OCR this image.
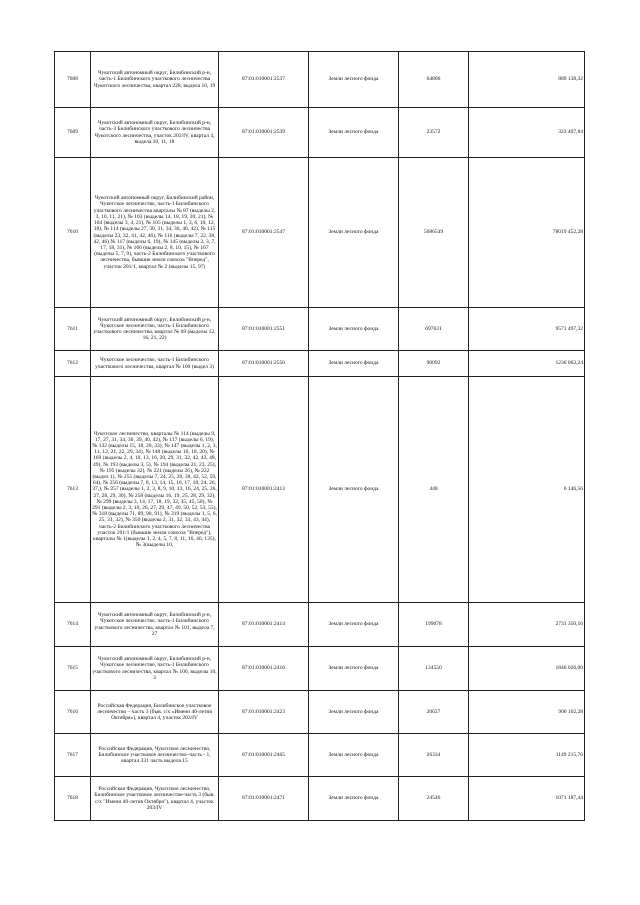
7608	Чукотский автономный округ, Билибинский р-н, часть-1 Билибинского участкового лесничества Чукотского лесничества, квартал 228, выдела 10, 19	87:01:010001:2537	Земли лесного фонда	64806	889 138,32
7609	Чукотский автономный округ, Билибинский р-н, часть-3 Билибинского участкового лесничества Чукотского лесничества, участок 203/IV, квартал 4, выдела 10, 11, 18	87:01:010001:2539	Земли лесного фонда	23572	323 407,84
7610	Чукотский автономный округ, Билибинский район, Чукотское лесничество, часть-1 Билибинского участкового лесничества кварталы № 87 (выделы 2, 3, 10, 11, 21), № 103 (выделы 14, 18, 19, 20, 21), № 104 (выделы 3, 4, 21), № 105 (выделы 1, 3, 6, 10, 12, 18), № 114 (выделы 27, 30, 31, 34, 36, 40, 42), № 115 (выделы 23, 32, 41, 42, 46), № 116 (выделы 7, 22, 38, 42, 46) № 117 (выделы 6, 19), № 145 (выделы 2, 3, 7, 17, 18, 31), № 166 (выделы 2, 8, 10, 15), № 167 (выделы 5, 7, 9), часть-2 Билибинского участкового лесничества, бывшие земли совхоза "Вперед", участок 201/1, квартал № 2 (выделы 15, 97)	87:01:010001:2547	Земли лесного фонда	5686549	78019 452,28
7611	Чукотский автономный округ, Билибинский р-н, Чукотское лесничество, часть-1 Билибинского участкового лесничества, квартал № 69 (выделы 12, 16, 21, 22)	87:01:010001:2551	Земли лесного фонда	697631	9571 497,32
7612	Чукотское лесничество, часть-1 Билибинского участкового лесничества, квартал № 100 (выдел 3)	87:01:010001:2556	Земли лесного фонда	90092	1236 062,24
7613	Чукотское лесничество, кварталы № 114 (выделы 9, 17, 27, 31, 34, 36, 39, 40, 42), № 117 (выделы 6, 19), № 132 (выделы 15, 18, 20, 33), № 147 (выделы 1, 2, 3, 11, 12, 21, 22, 29, 34), № 148 (выделы 16, 18, 20), № 169 (выделы 2, 4, 10, 13, 16, 20, 29, 31, 32, 42, 43, 48, 49), № 193 (выделы 3, 5), № 194 (выделы 21, 23, 25), № 195 (выделы 32), № 221 (выделы 26), № 222 (выдел 1), № 255 (выделы 7, 24, 25, 28, 38, 42, 52, 59, 64), № 256 (выделы 7, 8, 13, 14, 15, 16, 17, 18, 24, 26, 37,), № 257 (выделы 1, 2, 3, 8, 9, 10, 13, 16, 24, 25, 26, 27, 28, 29, 30), № 258 (выделы 16, 19, 25, 28, 29, 32), № 299 (выделы 3, 14, 17, 18, 19, 32, 35, 45, 50), № 291 (выделы 2, 3, 10, 26, 27, 29, 47, 49, 50, 52, 53, 55), № 318 (выделы 71, 89, 90, 91), № 319 (выделы 1, 5, 6, 25, 31, 32), № 350 (выделы 2, 31, 32, 33, 43, 44), часть-2 Билибинского участкового лесничества участок 201/1 (бывшие земли совхоза "Вперед"), кварталы № 1(выделы 1, 2, 4, 5, 7, 8, 11, 16, 40, 135), № 3(выделы 10,	87:01:010001:2413	Земли лесного фонда	448	6 146,56
7614	Чукотский автономный округ, Билибинский р-н, Чукотское лесничество, часть-1 Билибинского участкового лесничества, квартал № 101, выдела 7, 27	87:01:010001:2414	Земли лесного фонда	199078	2731 350,16
7615	Чукотский автономный округ, Билибинский р-н, Чукотское лесничество, часть-1 Билибинского участкового лесничества, квартал № 100, выделы 10, 3	87:01:010001:2416	Земли лесного фонда	134550	1846 026,00
7616	Российская Федерация, Билибинское участковое лесничество – часть 3 (быв. с/х «Имени 40-летия Октября»), квартал 4, участок 203/IV	87:01:010001:2423	Земли лесного фонда	20627	900 162,28
7617	Российская Федерация, Чукотское лесничество, Билибинское участковое лесничество–часть - 1, квартал 331 часть выдела 15	87:01:010001:2465	Земли лесного фонда	26334	1149 215,76
7618	Российская Федерация, Чукотское лесничество, Билибинское участковое лесничество-часть 3 (быв. с/х "Имени 40-летия Октября"), квартал 4, участок 203/IV	87:01:010001:2471	Земли лесного фонда	24546	1071 187,44
